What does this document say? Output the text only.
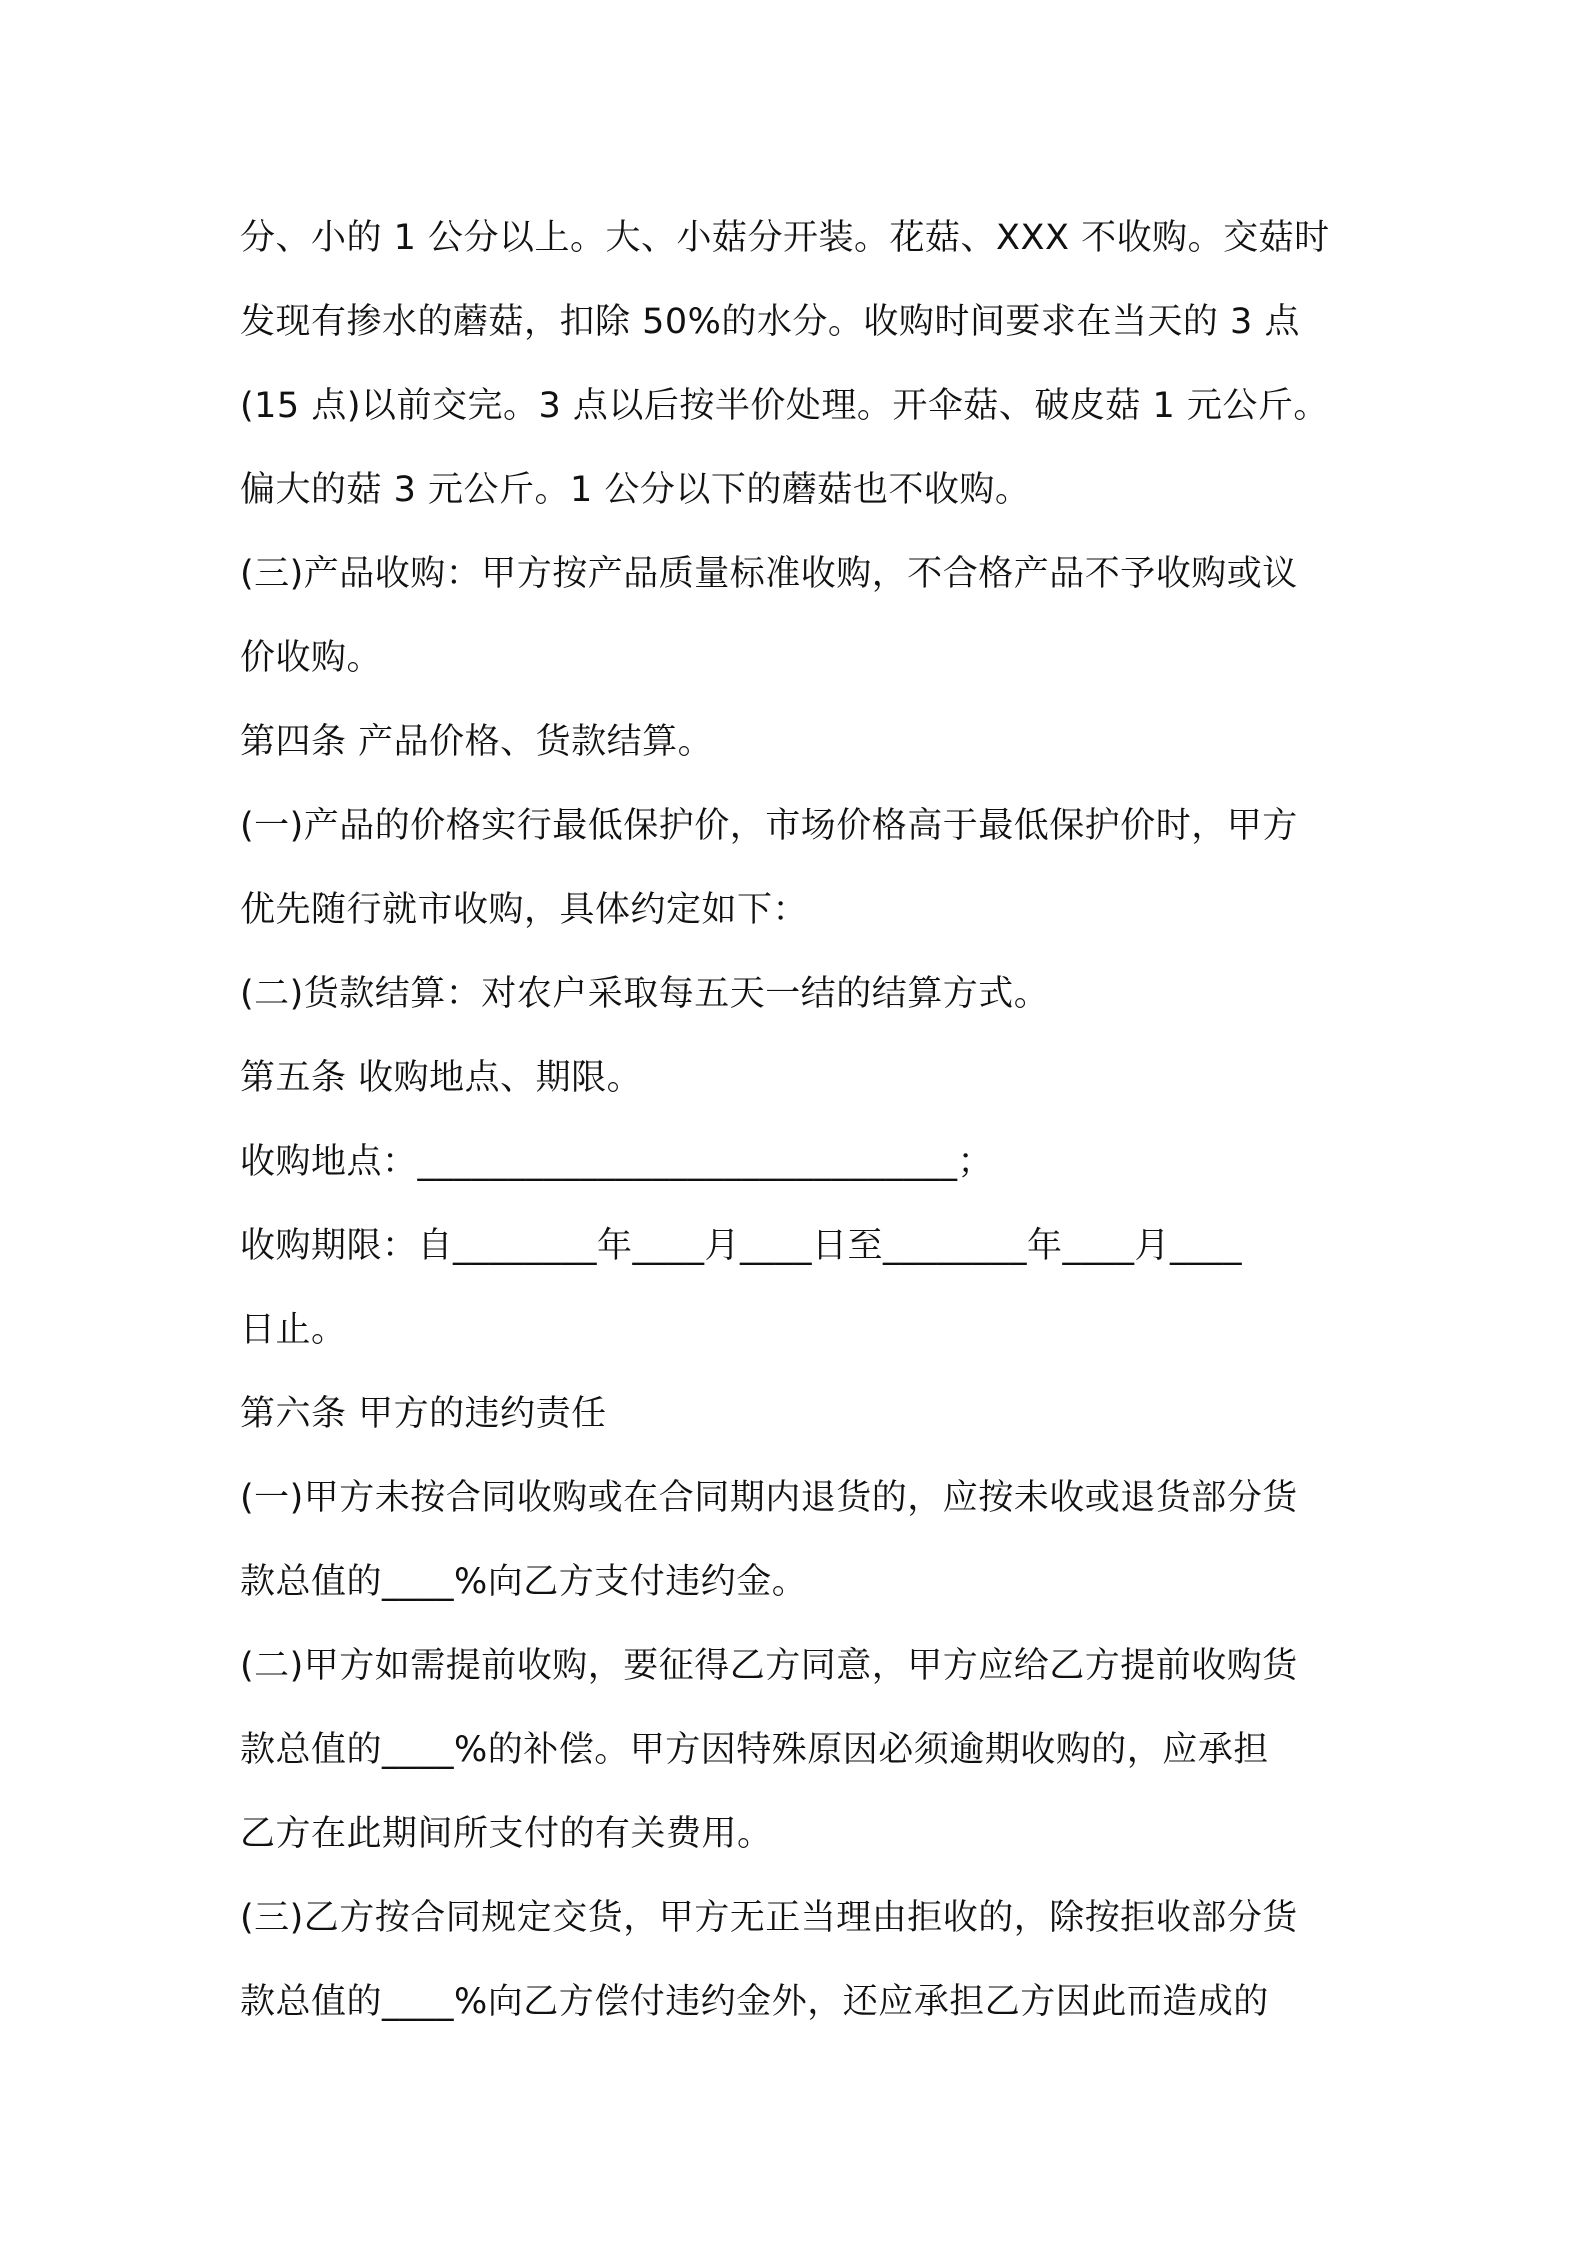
分、小的 1 公分以上。大、小菇分开装。花菇、XXX 不收购。交菇时
发现有掺水的蘑菇，扣除 50%的水分。收购时间要求在当天的 3 点
(15 点)以前交完。3 点以后按半价处理。开伞菇、破皮菇 1 元公斤。
偏大的菇 3 元公斤。1 公分以下的蘑菇也不收购。
(三)产品收购：甲方按产品质量标准收购，不合格产品不予收购或议
价收购。
第四条 产品价格、货款结算。
(一)产品的价格实行最低保护价，市场价格高于最低保护价时，甲方
优先随行就市收购，具体约定如下：
(二)货款结算：对农户采取每五天一结的结算方式。
第五条 收购地点、期限。
收购地点：______________________________；
收购期限：自________年____月____日至________年____月____
日止。
第六条 甲方的违约责任
(一)甲方未按合同收购或在合同期内退货的，应按未收或退货部分货
款总值的____%向乙方支付违约金。
(二)甲方如需提前收购，要征得乙方同意，甲方应给乙方提前收购货
款总值的____%的补偿。甲方因特殊原因必须逾期收购的，应承担
乙方在此期间所支付的有关费用。
(三)乙方按合同规定交货，甲方无正当理由拒收的，除按拒收部分货
款总值的____%向乙方偿付违约金外，还应承担乙方因此而造成的
